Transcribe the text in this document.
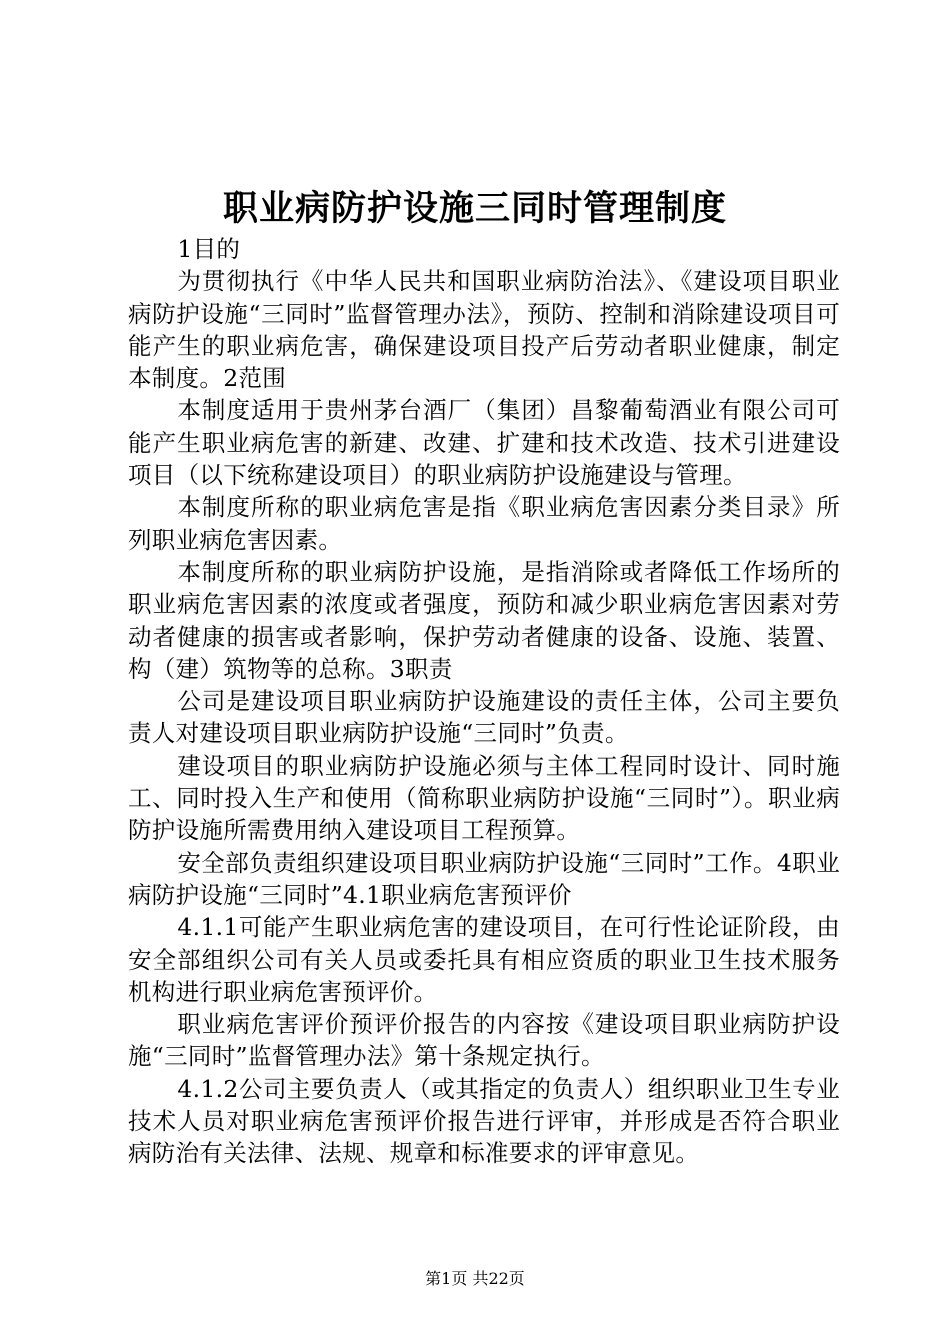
职业病防护设施三同时管理制度

1目的

为贯彻执行《中华人民共和国职业病防治法》、《建设项目职业病防护设施“三同时”监督管理办法》，预防、控制和消除建设项目可能产生的职业病危害，确保建设项目投产后劳动者职业健康，制定本制度。2范围

本制度适用于贵州茅台酒厂（集团）昌黎葡萄酒业有限公司可能产生职业病危害的新建、改建、扩建和技术改造、技术引进建设项目（以下统称建设项目）的职业病防护设施建设与管理。

本制度所称的职业病危害是指《职业病危害因素分类目录》所列职业病危害因素。

本制度所称的职业病防护设施，是指消除或者降低工作场所的职业病危害因素的浓度或者强度，预防和减少职业病危害因素对劳动者健康的损害或者影响，保护劳动者健康的设备、设施、装置、构（建）筑物等的总称。3职责

公司是建设项目职业病防护设施建设的责任主体，公司主要负责人对建设项目职业病防护设施“三同时”负责。

建设项目的职业病防护设施必须与主体工程同时设计、同时施工、同时投入生产和使用（简称职业病防护设施“三同时”）。职业病防护设施所需费用纳入建设项目工程预算。

安全部负责组织建设项目职业病防护设施“三同时”工作。4职业病防护设施“三同时”4.1职业病危害预评价

4.1.1可能产生职业病危害的建设项目，在可行性论证阶段，由安全部组织公司有关人员或委托具有相应资质的职业卫生技术服务机构进行职业病危害预评价。

职业病危害评价预评价报告的内容按《建设项目职业病防护设施“三同时”监督管理办法》第十条规定执行。

4.1.2公司主要负责人（或其指定的负责人）组织职业卫生专业技术人员对职业病危害预评价报告进行评审，并形成是否符合职业病防治有关法律、法规、规章和标准要求的评审意见。

第1页 共22页
